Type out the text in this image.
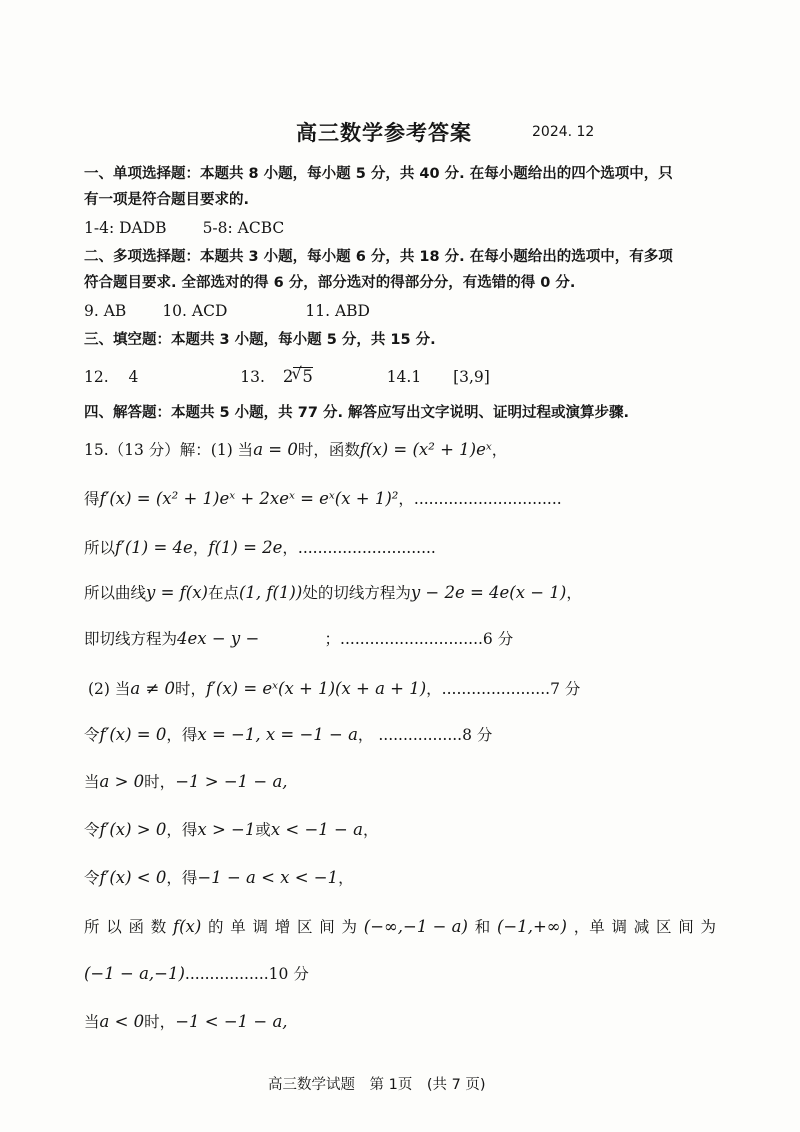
高三数学参考答案	2024. 12
一、单项选择题：本题共 8 小题，每小题 5 分，共 40 分. 在每小题给出的四个选项中，只
有一项是符合题目要求的.
1-4: DADB 5-8: ACBC
二、多项选择题：本题共 3 小题，每小题 6 分，共 18 分. 在每小题给出的选项中，有多项
符合题目要求. 全部选对的得 6 分，部分选对的得部分分，有选错的得 0 分.
9. AB 10. ACD	11. ABD
三、填空题：本题共 3 小题，每小题 5 分，共 15 分.
12. 4	13. 2√ 5	14.1 [3,9]
四、解答题：本题共 5 小题，共 77 分. 解答应写出文字说明、证明过程或演算步骤.
15.（13 分）解：(1) 当a = 0时，函数f(x) = (x² + 1)eˣ，
得f′(x) = (x² + 1)eˣ + 2xeˣ = eˣ(x + 1)²，..............................
所以f′(1) = 4e，f(1) = 2e，............................
所以曲线y = f(x)在点(1, f(1))处的切线方程为y − 2e = 4e(x − 1)，
即切线方程为4ex − y −	；.............................6 分
(2) 当a ≠ 0时，f′(x) = eˣ(x + 1)(x + a + 1)，......................7 分
令f′(x) = 0，得x = −1, x = −1 − a， .................8 分
当a > 0时，−1 > −1 − a,
令f′(x) > 0，得x > −1或x < −1 − a，
令f′(x) < 0，得−1 − a < x < −1，
所 以 函 数 f(x) 的 单 调 增 区 间 为 (−∞,−1 − a) 和 (−1,+∞) ，单 调 减 区 间 为
(−1 − a,−1).................10 分
当a < 0时，−1 < −1 − a,
高三数学试题　第 1页　(共 7 页)
